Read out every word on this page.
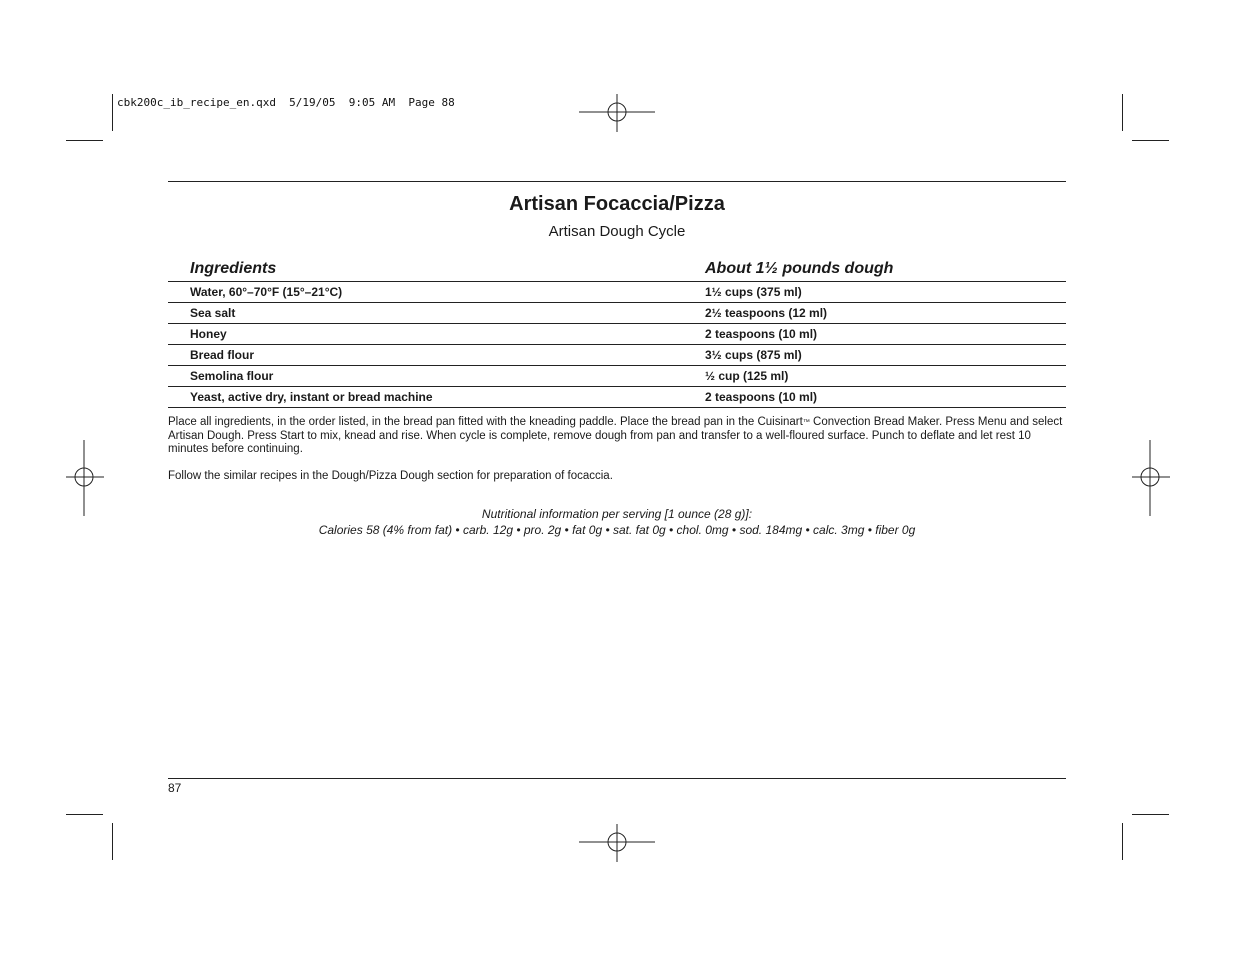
cbk200c_ib_recipe_en.qxd  5/19/05  9:05 AM  Page 88
Artisan Focaccia/Pizza
Artisan Dough Cycle
Ingredients	About 1½ pounds dough
Water, 60°–70°F (15°–21°C)	1½ cups (375 ml)
Sea salt	2½ teaspoons (12 ml)
Honey	2 teaspoons (10 ml)
Bread flour	3½ cups (875 ml)
Semolina flour	½ cup (125 ml)
Yeast, active dry, instant or bread machine	2 teaspoons (10 ml)
Place all ingredients, in the order listed, in the bread pan fitted with the kneading paddle. Place the bread pan in the Cuisinart™ Convection Bread Maker. Press Menu and select Artisan Dough. Press Start to mix, knead and rise. When cycle is complete, remove dough from pan and transfer to a well-floured surface. Punch to deflate and let rest 10 minutes before continuing.
Follow the similar recipes in the Dough/Pizza Dough section for preparation of focaccia.
Nutritional information per serving [1 ounce (28 g)]:
Calories 58 (4% from fat) • carb. 12g • pro. 2g • fat 0g • sat. fat 0g • chol. 0mg • sod. 184mg • calc. 3mg • fiber 0g
87
